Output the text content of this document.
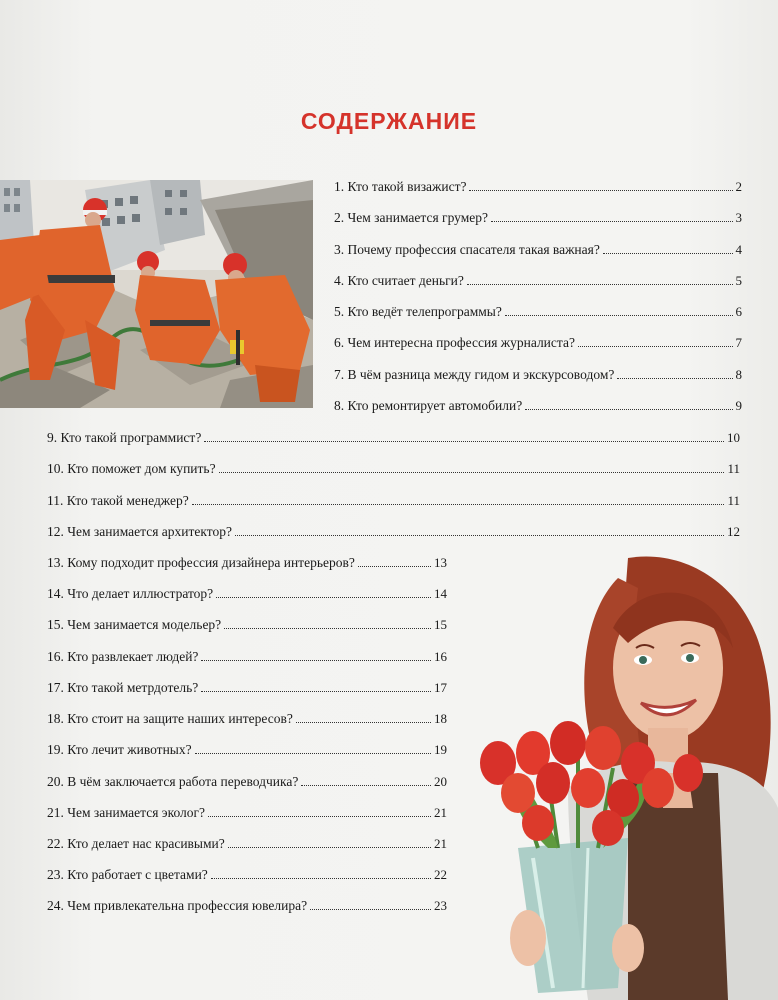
СОДЕРЖАНИЕ
1. Кто такой визажист?	2
2. Чем занимается грумер?	3
3. Почему профессия спасателя такая важная?	4
4. Кто считает деньги?	5
5. Кто ведёт телепрограммы?	6
6. Чем интересна профессия журналиста?	7
7. В чём разница между гидом и экскурсоводом?	8
8. Кто ремонтирует автомобили?	9
9. Кто такой программист?	10
10. Кто поможет дом купить?	11
11. Кто такой менеджер?	11
12. Чем занимается архитектор?	12
13. Кому подходит профессия дизайнера интерьеров?	13
14. Что делает иллюстратор?	14
15. Чем занимается модельер?	15
16. Кто развлекает людей?	16
17. Кто такой метрдотель?	17
18. Кто стоит на защите наших интересов?	18
19. Кто лечит животных?	19
20. В чём заключается работа переводчика?	20
21. Чем занимается эколог?	21
22. Кто делает нас красивыми?	21
23. Кто работает с цветами?	22
24. Чем привлекательна профессия ювелира?	23
